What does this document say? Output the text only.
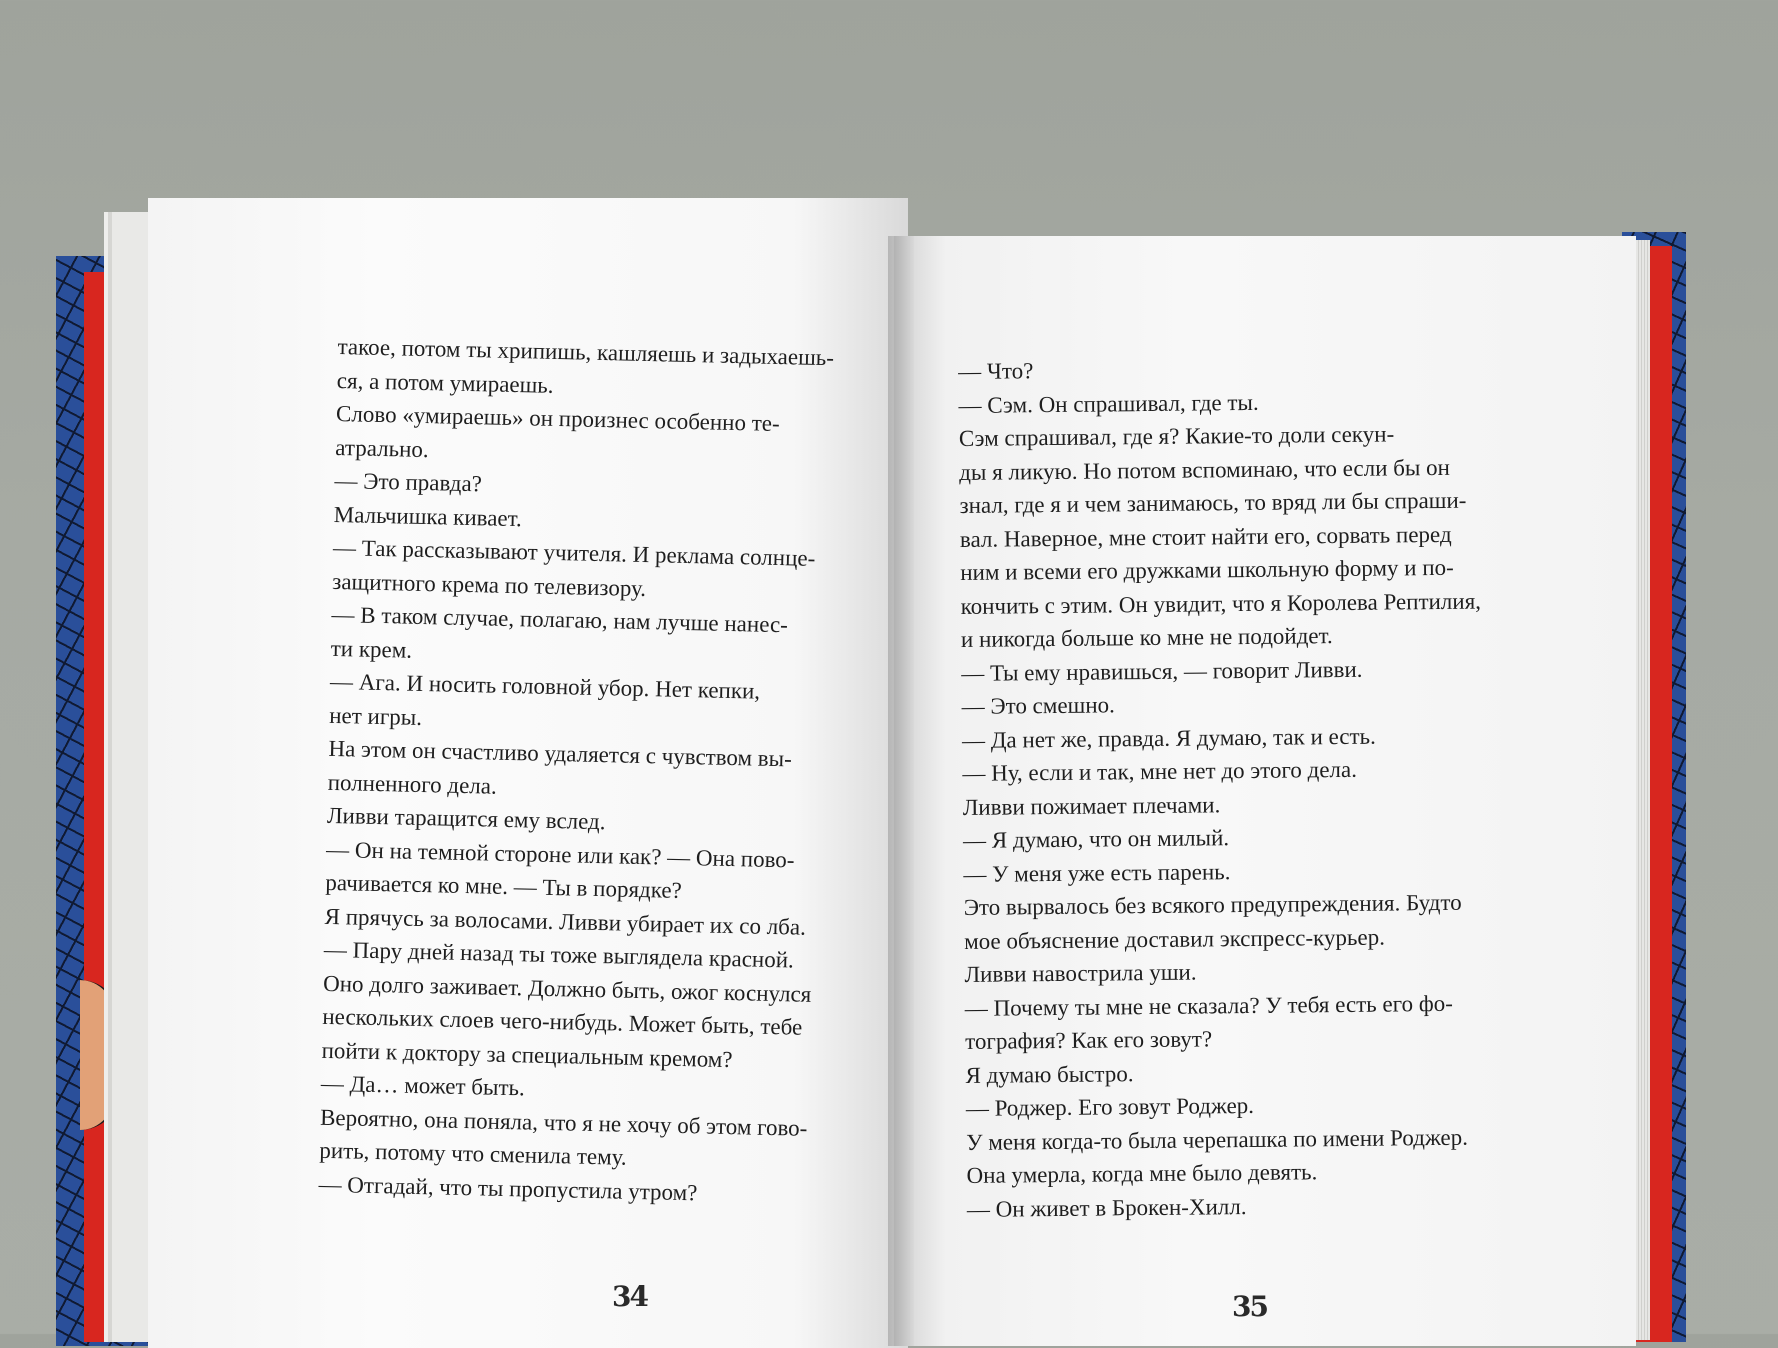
такое, потом ты хрипишь, кашляешь и задыхаешь-

ся, а потом умираешь.

Слово «умираешь» он произнес особенно те-

атрально.

— Это правда?

Мальчишка кивает.

— Так рассказывают учителя. И реклама солнце-

защитного крема по телевизору.

— В таком случае, полагаю, нам лучше нанес-

ти крем.

— Ага. И носить головной убор. Нет кепки,

нет игры.

На этом он счастливо удаляется с чувством вы-

полненного дела.

Ливви таращится ему вслед.

— Он на темной стороне или как? — Она пово-

рачивается ко мне. — Ты в порядке?

Я прячусь за волосами. Ливви убирает их со лба.

— Пару дней назад ты тоже выглядела красной.

Оно долго заживает. Должно быть, ожог коснулся

нескольких слоев чего-нибудь. Может быть, тебе

пойти к доктору за специальным кремом?

— Да… может быть.

Вероятно, она поняла, что я не хочу об этом гово-

рить, потому что сменила тему.

— Отгадай, что ты пропустила утром?

— Что?

— Сэм. Он спрашивал, где ты.

Сэм спрашивал, где я? Какие-то доли секун-

ды я ликую. Но потом вспоминаю, что если бы он

знал, где я и чем занимаюсь, то вряд ли бы спраши-

вал. Наверное, мне стоит найти его, сорвать перед

ним и всеми его дружками школьную форму и по-

кончить с этим. Он увидит, что я Королева Рептилия,

и никогда больше ко мне не подойдет.

— Ты ему нравишься, — говорит Ливви.

— Это смешно.

— Да нет же, правда. Я думаю, так и есть.

— Ну, если и так, мне нет до этого дела.

Ливви пожимает плечами.

— Я думаю, что он милый.

— У меня уже есть парень.

Это вырвалось без всякого предупреждения. Будто

мое объяснение доставил экспресс-курьер.

Ливви навострила уши.

— Почему ты мне не сказала? У тебя есть его фо-

тография? Как его зовут?

Я думаю быстро.

— Роджер. Его зовут Роджер.

У меня когда-то была черепашка по имени Роджер.

Она умерла, когда мне было девять.

— Он живет в Брокен-Хилл.

34	35
